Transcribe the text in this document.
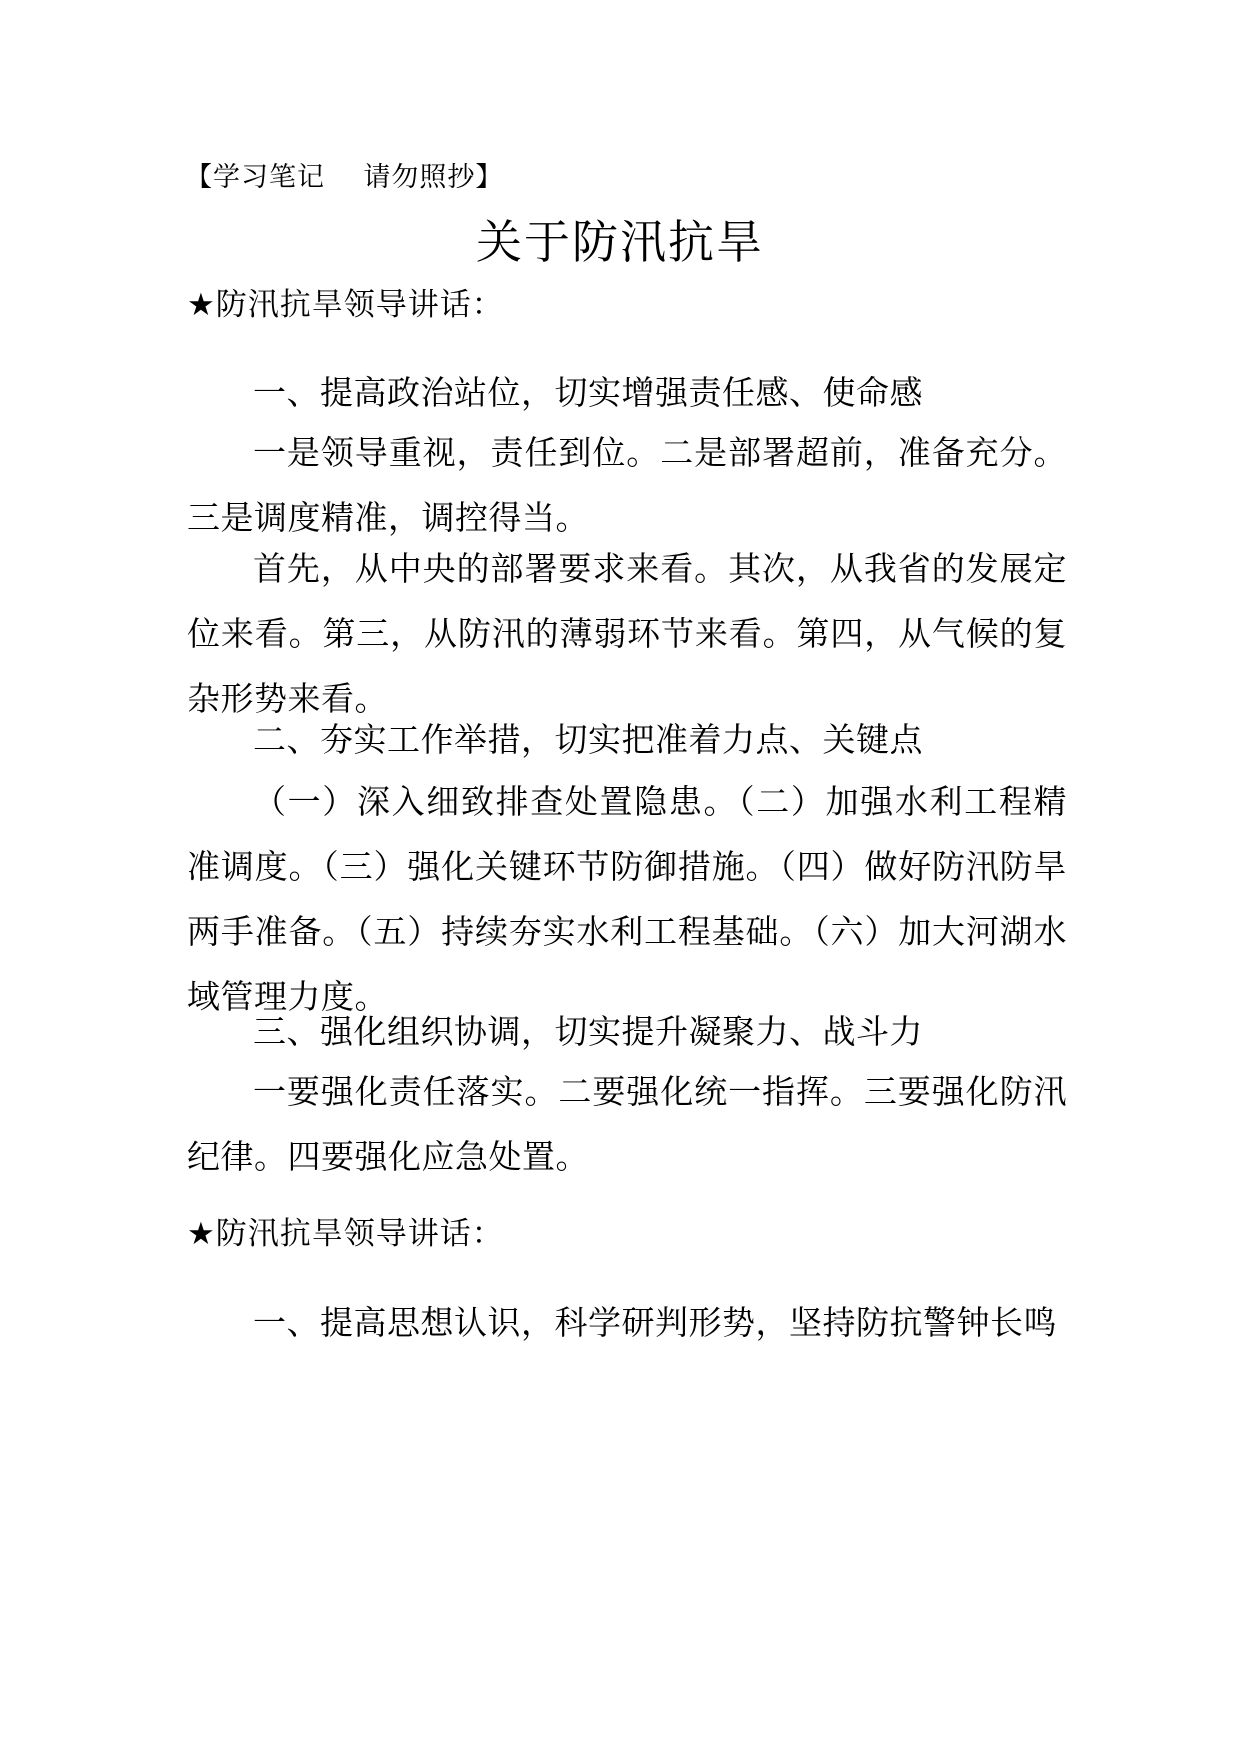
【学习笔记    请勿照抄】
关于防汛抗旱
★防汛抗旱领导讲话：
一、提高政治站位，切实增强责任感、使命感
一是领导重视，责任到位。二是部署超前，准备充分。三是调度精准，调控得当。
首先，从中央的部署要求来看。其次，从我省的发展定位来看。第三，从防汛的薄弱环节来看。第四，从气候的复杂形势来看。
二、夯实工作举措，切实把准着力点、关键点
（一）深入细致排查处置隐患。（二）加强水利工程精准调度。（三）强化关键环节防御措施。（四）做好防汛防旱两手准备。（五）持续夯实水利工程基础。（六）加大河湖水域管理力度。
三、强化组织协调，切实提升凝聚力、战斗力
一要强化责任落实。二要强化统一指挥。三要强化防汛纪律。四要强化应急处置。
★防汛抗旱领导讲话：
一、提高思想认识，科学研判形势，坚持防抗警钟长鸣
